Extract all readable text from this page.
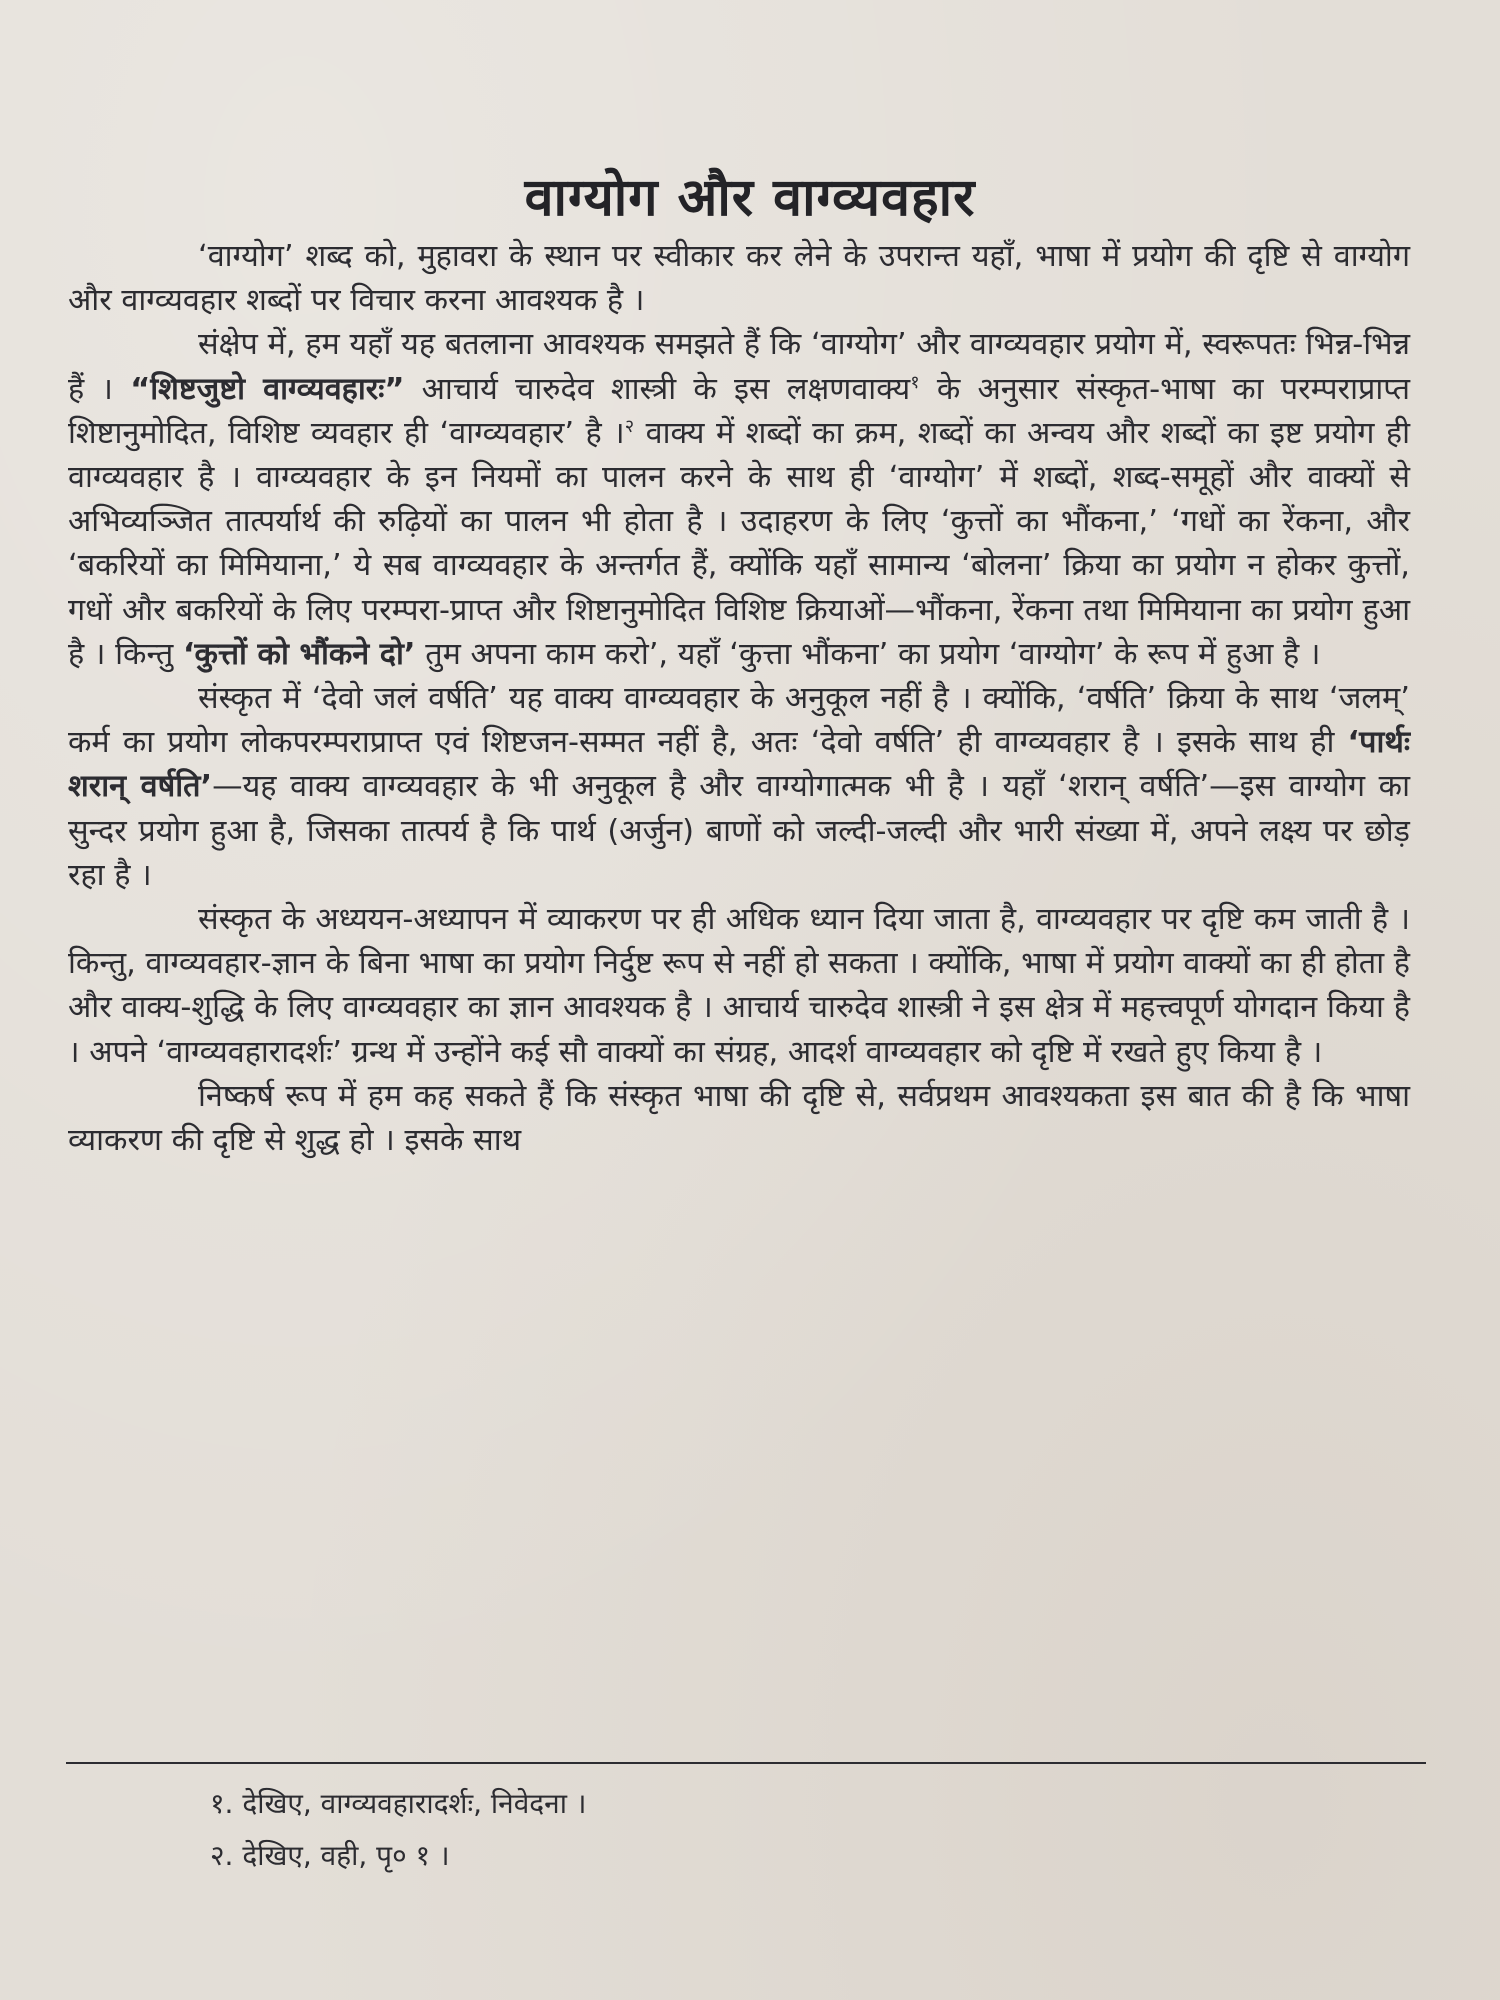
वाग्योग और वाग्व्यवहार

‘वाग्योग’ शब्द को, मुहावरा के स्थान पर स्वीकार कर लेने के उपरान्त यहाँ, भाषा में प्रयोग की दृष्टि से वाग्योग और वाग्व्यवहार शब्दों पर विचार करना आवश्यक है ।

संक्षेप में, हम यहाँ यह बतलाना आवश्यक समझते हैं कि ‘वाग्योग’ और वाग्व्यवहार प्रयोग में, स्वरूपतः भिन्न-भिन्न हैं । “शिष्टजुष्टो वाग्व्यवहारः” आचार्य चारुदेव शास्त्री के इस लक्षणवाक्य$^१$ के अनुसार संस्कृत-भाषा का परम्पराप्राप्त शिष्टानुमोदित, विशिष्ट व्यवहार ही ‘वाग्व्यवहार’ है ।$^२$ वाक्य में शब्दों का क्रम, शब्दों का अन्वय और शब्दों का इष्ट प्रयोग ही वाग्व्यवहार है । वाग्व्यवहार के इन नियमों का पालन करने के साथ ही ‘वाग्योग’ में शब्दों, शब्द-समूहों और वाक्यों से अभिव्यञ्जित तात्पर्यार्थ की रुढ़ियों का पालन भी होता है । उदाहरण के लिए ‘कुत्तों का भौंकना,’ ‘गधों का रेंकना, और ‘बकरियों का मिमियाना,’ ये सब वाग्व्यवहार के अन्तर्गत हैं, क्योंकि यहाँ सामान्य ‘बोलना’ क्रिया का प्रयोग न होकर कुत्तों, गधों और बकरियों के लिए परम्परा-प्राप्त और शिष्टानुमोदित विशिष्ट क्रियाओं—भौंकना, रेंकना तथा मिमियाना का प्रयोग हुआ है । किन्तु ‘कुत्तों को भौंकने दो’ तुम अपना काम करो’, यहाँ ‘कुत्ता भौंकना’ का प्रयोग ‘वाग्योग’ के रूप में हुआ है ।

संस्कृत में ‘देवो जलं वर्षति’ यह वाक्य वाग्व्यवहार के अनुकूल नहीं है । क्योंकि, ‘वर्षति’ क्रिया के साथ ‘जलम्’ कर्म का प्रयोग लोकपरम्पराप्राप्त एवं शिष्टजन-सम्मत नहीं है, अतः ‘देवो वर्षति’ ही वाग्व्यवहार है । इसके साथ ही ‘पार्थः शरान् वर्षति’—यह वाक्य वाग्व्यवहार के भी अनुकूल है और वाग्योगात्मक भी है । यहाँ ‘शरान् वर्षति’—इस वाग्योग का सुन्दर प्रयोग हुआ है, जिसका तात्पर्य है कि पार्थ (अर्जुन) बाणों को जल्दी-जल्दी और भारी संख्या में, अपने लक्ष्य पर छोड़ रहा है ।

संस्कृत के अध्ययन-अध्यापन में व्याकरण पर ही अधिक ध्यान दिया जाता है, वाग्व्यवहार पर दृष्टि कम जाती है । किन्तु, वाग्व्यवहार-ज्ञान के बिना भाषा का प्रयोग निर्दुष्ट रूप से नहीं हो सकता । क्योंकि, भाषा में प्रयोग वाक्यों का ही होता है और वाक्य-शुद्धि के लिए वाग्व्यवहार का ज्ञान आवश्यक है । आचार्य चारुदेव शास्त्री ने इस क्षेत्र में महत्त्वपूर्ण योगदान किया है । अपने ‘वाग्व्यवहारादर्शः’ ग्रन्थ में उन्होंने कई सौ वाक्यों का संग्रह, आदर्श वाग्व्यवहार को दृष्टि में रखते हुए किया है ।

निष्कर्ष रूप में हम कह सकते हैं कि संस्कृत भाषा की दृष्टि से, सर्वप्रथम आवश्यकता इस बात की है कि भाषा व्याकरण की दृष्टि से शुद्ध हो । इसके साथ

१. देखिए, वाग्व्यवहारादर्शः, निवेदना ।
२. देखिए, वही, पृ० १ ।
